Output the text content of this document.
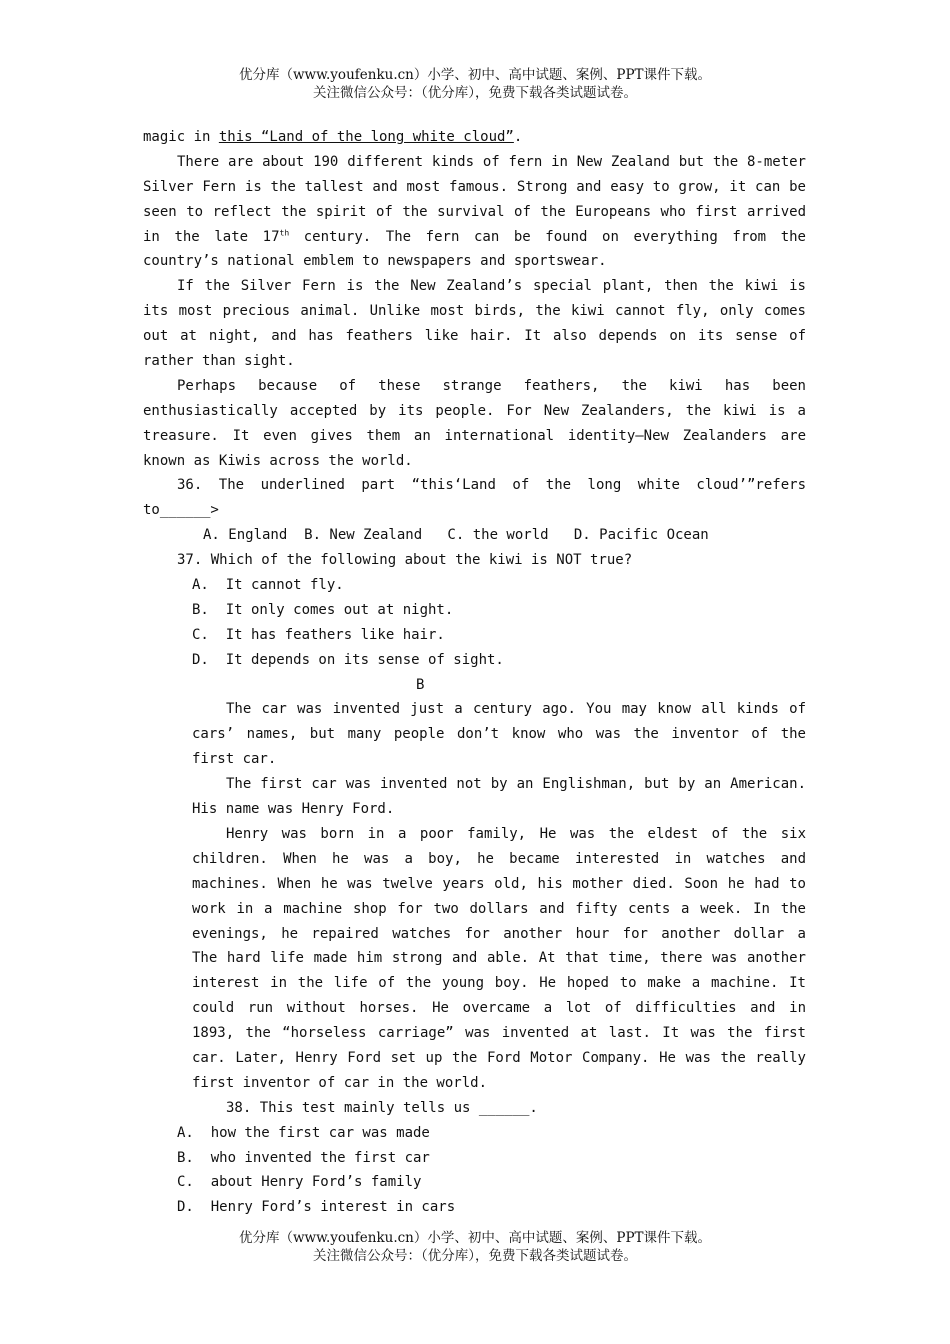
优分库（www.youfenku.cn）小学、初中、高中试题、案例、PPT课件下载。
关注微信公众号：（优分库），免费下载各类试题试卷。
magic in this “Land of the long white cloud”.
There are about 190 different kinds of fern in New Zealand but the 8-meter
Silver Fern is the tallest and most famous. Strong and easy to grow, it can be
seen to reflect the spirit of the survival of the Europeans who first arrived
in the late 17th century. The fern can be found on everything from the
country’s national emblem to newspapers and sportswear.
If the Silver Fern is the New Zealand’s special plant, then the kiwi is
its most precious animal. Unlike most birds, the kiwi cannot fly, only comes
out at night, and has feathers like hair. It also depends on its sense of
rather than sight.
Perhaps because of these strange feathers, the kiwi has been
enthusiastically accepted by its people. For New Zealanders, the kiwi is a
treasure. It even gives them an international identity—New Zealanders are
known as Kiwis across the world.
36. The underlined part “this‘Land of the long white cloud’”refers
to______>
A. England  B. New Zealand   C. the world   D. Pacific Ocean
37. Which of the following about the kiwi is NOT true?
A.  It cannot fly.
B.  It only comes out at night.
C.  It has feathers like hair.
D.  It depends on its sense of sight.
B
The car was invented just a century ago. You may know all kinds of
cars’ names, but many people don’t know who was the inventor of the
first car.
The first car was invented not by an Englishman, but by an American.
His name was Henry Ford.
Henry was born in a poor family, He was the eldest of the six
children. When he was a boy, he became interested in watches and
machines. When he was twelve years old, his mother died. Soon he had to
work in a machine shop for two dollars and fifty cents a week. In the
evenings, he repaired watches for another hour for another dollar a
The hard life made him strong and able. At that time, there was another
interest in the life of the young boy. He hoped to make a machine. It
could run without horses. He overcame a lot of difficulties and in
1893, the “horseless carriage” was invented at last. It was the first
car. Later, Henry Ford set up the Ford Motor Company. He was the really
first inventor of car in the world.
38. This test mainly tells us ______.
A.  how the first car was made
B.  who invented the first car
C.  about Henry Ford’s family
D.  Henry Ford’s interest in cars
优分库（www.youfenku.cn）小学、初中、高中试题、案例、PPT课件下载。
关注微信公众号：（优分库），免费下载各类试题试卷。
